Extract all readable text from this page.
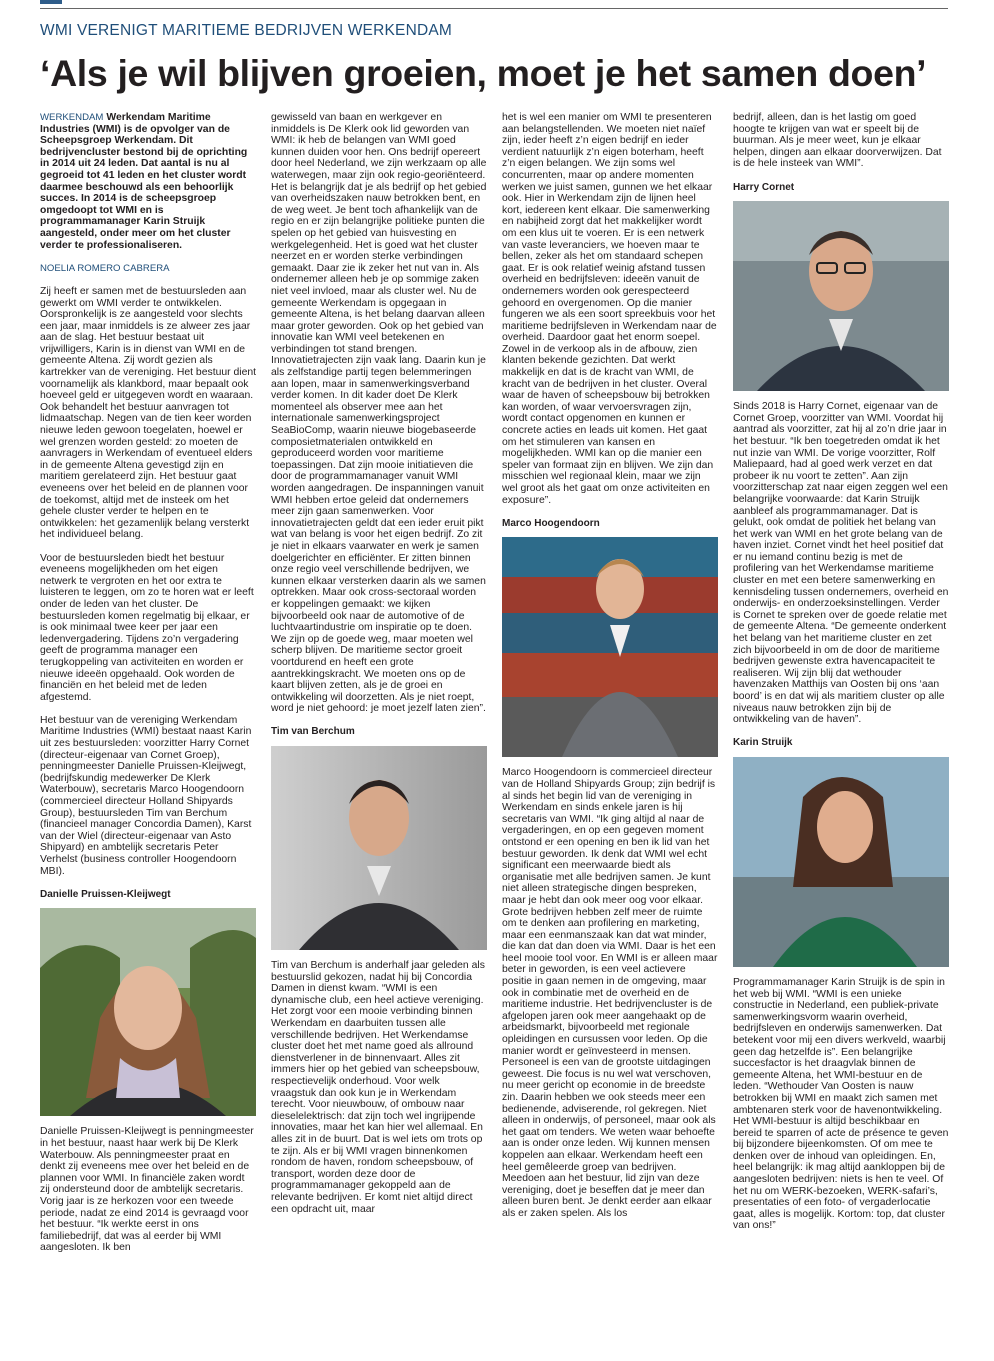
WMI VERENIGT MARITIEME BEDRIJVEN WERKENDAM
‘Als je wil blijven groeien, moet je het samen doen’

WERKENDAM Werkendam Maritime Industries (WMI) is de opvolger van de Scheepsgroep Werkendam. Dit bedrijvencluster bestond bij de oprichting in 2014 uit 24 leden. Dat aantal is nu al gegroeid tot 41 leden en het cluster wordt daarmee beschouwd als een behoorlijk succes. In 2014 is de scheepsgroep omgedoopt tot WMI en is programmamanager Karin Struijk aangesteld, onder meer om het cluster verder te professionaliseren.

NOELIA ROMERO CABRERA

Zij heeft er samen met de bestuursleden aan gewerkt om WMI verder te ontwikkelen. Oorspronkelijk is ze aangesteld voor slechts een jaar, maar inmiddels is ze alweer zes jaar aan de slag. Het bestuur bestaat uit vrijwilligers, Karin is in dienst van WMI en de gemeente Altena. Zij wordt gezien als kartrekker van de vereniging. Het bestuur dient voornamelijk als klankbord, maar bepaalt ook hoeveel geld er uitgegeven wordt en waaraan. Ook behandelt het bestuur aanvragen tot lidmaatschap. Negen van de tien keer worden nieuwe leden gewoon toegelaten, hoewel er wel grenzen worden gesteld: zo moeten de aanvragers in Werkendam of eventueel elders in de gemeente Altena gevestigd zijn en maritiem gerelateerd zijn. Het bestuur gaat eveneens over het beleid en de plannen voor de toekomst, altijd met de insteek om het gehele cluster verder te helpen en te ontwikkelen: het gezamenlijk belang versterkt het individueel belang.

Voor de bestuursleden biedt het bestuur eveneens mogelijkheden om het eigen netwerk te vergroten en het oor extra te luisteren te leggen, om zo te horen wat er leeft onder de leden van het cluster. De bestuursleden komen regelmatig bij elkaar, er is ook minimaal twee keer per jaar een ledenvergadering. Tijdens zo’n vergadering geeft de programma manager een terugkoppeling van activiteiten en worden er nieuwe ideeën opgehaald. Ook worden de financiën en het beleid met de leden afgestemd.

Het bestuur van de vereniging Werkendam Maritime Industries (WMI) bestaat naast Karin uit zes bestuursleden: voorzitter Harry Cornet (directeur-eigenaar van Cornet Groep), penningmeester Danielle Pruissen-Kleijwegt, (bedrijfskundig medewerker De Klerk Waterbouw), secretaris Marco Hoogendoorn (commercieel directeur Holland Shipyards Group), bestuursleden Tim van Berchum (financieel manager Concordia Damen), Karst van der Wiel (directeur-eigenaar van Asto Shipyard) en ambtelijk secretaris Peter Verhelst (business controller Hoogendoorn MBI).

Danielle Pruissen-Kleijwegt

Danielle Pruissen-Kleijwegt is penningmeester in het bestuur, naast haar werk bij De Klerk Waterbouw. Als penningmeester praat en denkt zij eveneens mee over het beleid en de plannen voor WMI. In financiële zaken wordt zij ondersteund door de ambtelijk secretaris. Vorig jaar is ze herkozen voor een tweede periode, nadat ze eind 2014 is gevraagd voor het bestuur. “Ik werkte eerst in ons familiebedrijf, dat was al eerder bij WMI aangesloten. Ik ben

gewisseld van baan en werkgever en inmiddels is De Klerk ook lid geworden van WMI: ik heb de belangen van WMI goed kunnen duiden voor hen. Ons bedrijf opereert door heel Nederland, we zijn werkzaam op alle waterwegen, maar zijn ook regio-georiënteerd. Het is belangrijk dat je als bedrijf op het gebied van overheidszaken nauw betrokken bent, en de weg weet. Je bent toch afhankelijk van de regio en er zijn belangrijke politieke punten die spelen op het gebied van huisvesting en werkgelegenheid. Het is goed wat het cluster neerzet en er worden sterke verbindingen gemaakt. Daar zie ik zeker het nut van in. Als ondernemer alleen heb je op sommige zaken niet veel invloed, maar als cluster wel. Nu de gemeente Werkendam is opgegaan in gemeente Altena, is het belang daarvan alleen maar groter geworden. Ook op het gebied van innovatie kan WMI veel betekenen en verbindingen tot stand brengen. Innovatietrajecten zijn vaak lang. Daarin kun je als zelfstandige partij tegen belemmeringen aan lopen, maar in samenwerkingsverband verder komen. In dit kader doet De Klerk momenteel als observer mee aan het internationale samenwerkingsproject SeaBioComp, waarin nieuwe biogebaseerde composietmaterialen ontwikkeld en geproduceerd worden voor maritieme toepassingen. Dat zijn mooie initiatieven die door de programmamanager vanuit WMI worden aangedragen. De inspanningen vanuit WMI hebben ertoe geleid dat ondernemers meer zijn gaan samenwerken. Voor innovatietrajecten geldt dat een ieder eruit pikt wat van belang is voor het eigen bedrijf. Zo zit je niet in elkaars vaarwater en werk je samen doelgerichter en efficiënter. Er zitten binnen onze regio veel verschillende bedrijven, we kunnen elkaar versterken daarin als we samen optrekken. Maar ook cross-sectoraal worden er koppelingen gemaakt: we kijken bijvoorbeeld ook naar de automotive of de luchtvaartindustrie om inspiratie op te doen. We zijn op de goede weg, maar moeten wel scherp blijven. De maritieme sector groeit voortdurend en heeft een grote aantrekkingskracht. We moeten ons op de kaart blijven zetten, als je de groei en ontwikkeling wil doorzetten. Als je niet roept, word je niet gehoord: je moet jezelf laten zien”.

Tim van Berchum

Tim van Berchum is anderhalf jaar geleden als bestuurslid gekozen, nadat hij bij Concordia Damen in dienst kwam. “WMI is een dynamische club, een heel actieve vereniging. Het zorgt voor een mooie verbinding binnen Werkendam en daarbuiten tussen alle verschillende bedrijven. Het Werkendamse cluster doet het met name goed als allround dienstverlener in de binnenvaart. Alles zit immers hier op het gebied van scheepsbouw, respectievelijk onderhoud. Voor welk vraagstuk dan ook kun je in Werkendam terecht. Voor nieuwbouw, of ombouw naar dieselelektrisch: dat zijn toch wel ingrijpende innovaties, maar het kan hier wel allemaal. En alles zit in de buurt. Dat is wel iets om trots op te zijn. Als er bij WMI vragen binnenkomen rondom de haven, rondom scheepsbouw, of transport, worden deze door de programmamanager gekoppeld aan de relevante bedrijven. Er komt niet altijd direct een opdracht uit, maar

het is wel een manier om WMI te presenteren aan belangstellenden. We moeten niet naïef zijn, ieder heeft z’n eigen bedrijf en ieder verdient natuurlijk z’n eigen boterham, heeft z’n eigen belangen. We zijn soms wel concurrenten, maar op andere momenten werken we juist samen, gunnen we het elkaar ook. Hier in Werkendam zijn de lijnen heel kort, iedereen kent elkaar. Die samenwerking en nabijheid zorgt dat het makkelijker wordt om een klus uit te voeren. Er is een netwerk van vaste leveranciers, we hoeven maar te bellen, zeker als het om standaard schepen gaat. Er is ook relatief weinig afstand tussen overheid en bedrijfsleven: ideeën vanuit de ondernemers worden ook gerespecteerd gehoord en overgenomen. Op die manier fungeren we als een soort spreekbuis voor het maritieme bedrijfsleven in Werkendam naar de overheid. Daardoor gaat het enorm soepel. Zowel in de verkoop als in de afbouw, zien klanten bekende gezichten. Dat werkt makkelijk en dat is de kracht van WMI, de kracht van de bedrijven in het cluster. Overal waar de haven of scheepsbouw bij betrokken kan worden, of waar vervoersvragen zijn, wordt contact opgenomen en kunnen er concrete acties en leads uit komen. Het gaat om het stimuleren van kansen en mogelijkheden. WMI kan op die manier een speler van formaat zijn en blijven. We zijn dan misschien wel regionaal klein, maar we zijn wel groot als het gaat om onze activiteiten en exposure”.

Marco Hoogendoorn

Marco Hoogendoorn is commercieel directeur van de Holland Shipyards Group; zijn bedrijf is al sinds het begin lid van de vereniging in Werkendam en sinds enkele jaren is hij secretaris van WMI. “Ik ging altijd al naar de vergaderingen, en op een gegeven moment ontstond er een opening en ben ik lid van het bestuur geworden. Ik denk dat WMI wel echt significant een meerwaarde biedt als organisatie met alle bedrijven samen. Je kunt niet alleen strategische dingen bespreken, maar je hebt dan ook meer oog voor elkaar. Grote bedrijven hebben zelf meer de ruimte om te denken aan profilering en marketing, maar een eenmanszaak kan dat wat minder, die kan dat dan doen via WMI. Daar is het een heel mooie tool voor. En WMI is er alleen maar beter in geworden, is een veel actievere positie in gaan nemen in de omgeving, maar ook in combinatie met de overheid en de maritieme industrie. Het bedrijvencluster is de afgelopen jaren ook meer aangehaakt op de arbeidsmarkt, bijvoorbeeld met regionale opleidingen en cursussen voor leden. Op die manier wordt er geïnvesteerd in mensen. Personeel is een van de grootste uitdagingen geweest. Die focus is nu wel wat verschoven, nu meer gericht op economie in de breedste zin. Daarin hebben we ook steeds meer een bedienende, adviserende, rol gekregen. Niet alleen in onderwijs, of personeel, maar ook als het gaat om tenders. We weten waar behoefte aan is onder onze leden. Wij kunnen mensen koppelen aan elkaar. Werkendam heeft een heel gemêleerde groep van bedrijven. Meedoen aan het bestuur, lid zijn van deze vereniging, doet je beseffen dat je meer dan alleen buren bent. Je denkt eerder aan elkaar als er zaken spelen. Als los

bedrijf, alleen, dan is het lastig om goed hoogte te krijgen van wat er speelt bij de buurman. Als je meer weet, kun je elkaar helpen, dingen aan elkaar doorverwijzen. Dat is de hele insteek van WMI”.

Harry Cornet

Sinds 2018 is Harry Cornet, eigenaar van de Cornet Groep, voorzitter van WMI. Voordat hij aantrad als voorzitter, zat hij al zo’n drie jaar in het bestuur. “Ik ben toegetreden omdat ik het nut inzie van WMI. De vorige voorzitter, Rolf Maliepaard, had al goed werk verzet en dat probeer ik nu voort te zetten”. Aan zijn voorzitterschap zat naar eigen zeggen wel een belangrijke voorwaarde: dat Karin Struijk aanbleef als programmamanager. Dat is gelukt, ook omdat de politiek het belang van het werk van WMI en het grote belang van de haven inziet. Cornet vindt het heel positief dat er nu iemand continu bezig is met de profilering van het Werkendamse maritieme cluster en met een betere samenwerking en kennisdeling tussen ondernemers, overheid en onderwijs- en onderzoeksinstellingen. Verder is Cornet te spreken over de goede relatie met de gemeente Altena. “De gemeente onderkent het belang van het maritieme cluster en zet zich bijvoorbeeld in om de door de maritieme bedrijven gewenste extra havencapaciteit te realiseren. Wij zijn blij dat wethouder havenzaken Matthijs van Oosten bij ons ‘aan boord’ is en dat wij als maritiem cluster op alle niveaus nauw betrokken zijn bij de ontwikkeling van de haven”.

Karin Struijk

Programmamanager Karin Struijk is de spin in het web bij WMI. “WMI is een unieke constructie in Nederland, een publiek-private samenwerkingsvorm waarin overheid, bedrijfsleven en onderwijs samenwerken. Dat betekent voor mij een divers werkveld, waarbij geen dag hetzelfde is”. Een belangrijke succesfactor is het draagvlak binnen de gemeente Altena, het WMI-bestuur en de leden. “Wethouder Van Oosten is nauw betrokken bij WMI en maakt zich samen met ambtenaren sterk voor de havenontwikkeling. Het WMI-bestuur is altijd beschikbaar en bereid te sparren of acte de présence te geven bij bijzondere bijeenkomsten. Of om mee te denken over de inhoud van opleidingen. En, heel belangrijk: ik mag altijd aankloppen bij de aangesloten bedrijven: niets is hen te veel. Of het nu om WERK-bezoeken, WERK-safari’s, presentaties of een foto- of vergaderlocatie gaat, alles is mogelijk. Kortom: top, dat cluster van ons!”
